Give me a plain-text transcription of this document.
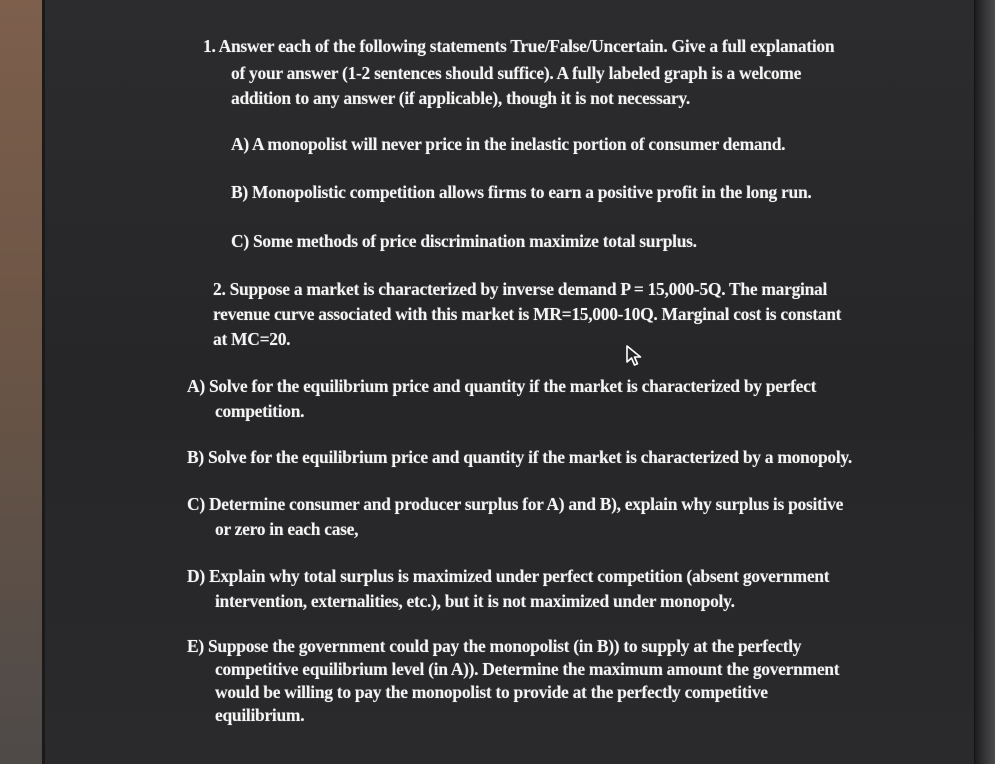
1. Answer each of the following statements True/False/Uncertain. Give a full explanation
of your answer (1-2 sentences should suffice). A fully labeled graph is a welcome
addition to any answer (if applicable), though it is not necessary.
A) A monopolist will never price in the inelastic portion of consumer demand.
B) Monopolistic competition allows firms to earn a positive profit in the long run.
C) Some methods of price discrimination maximize total surplus.
2. Suppose a market is characterized by inverse demand P = 15,000-5Q. The marginal
revenue curve associated with this market is MR=15,000-10Q. Marginal cost is constant
at MC=20.
A) Solve for the equilibrium price and quantity if the market is characterized by perfect
competition.
B) Solve for the equilibrium price and quantity if the market is characterized by a monopoly.
C) Determine consumer and producer surplus for A) and B), explain why surplus is positive
or zero in each case,
D) Explain why total surplus is maximized under perfect competition (absent government
intervention, externalities, etc.), but it is not maximized under monopoly.
E) Suppose the government could pay the monopolist (in B)) to supply at the perfectly
competitive equilibrium level (in A)). Determine the maximum amount the government
would be willing to pay the monopolist to provide at the perfectly competitive
equilibrium.
